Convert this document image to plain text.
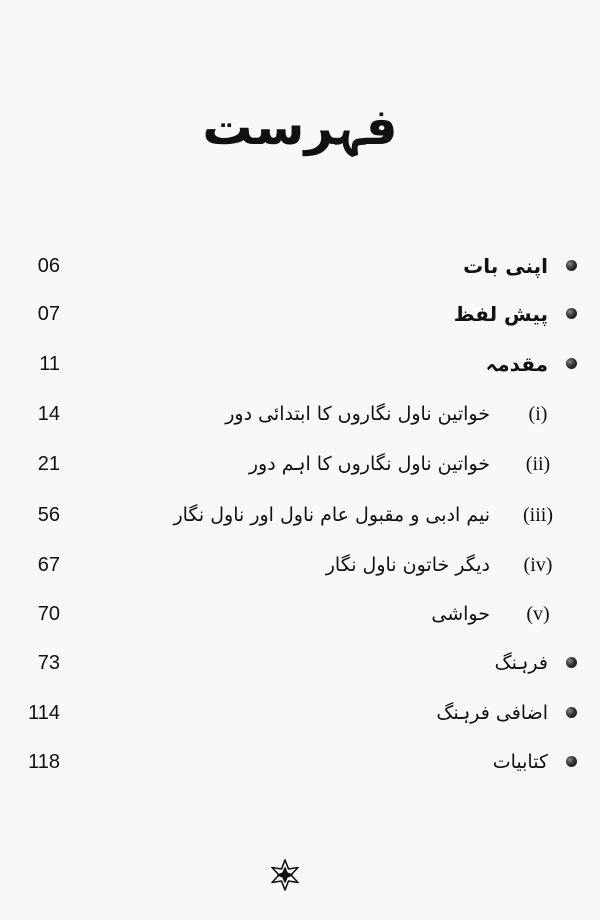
فہرست
06	اپنی بات
07	پیش لفظ
11	مقدمہ
14	خواتین ناول نگاروں کا ابتدائی دور	(i)
21	خواتین ناول نگاروں کا اہم دور	(ii)
56	نیم ادبی و مقبول عام ناول اور ناول نگار	(iii)
67	دیگر خاتون ناول نگار	(iv)
70	حواشی	(v)
73	فرہنگ
114	اضافی فرہنگ
118	کتابیات
